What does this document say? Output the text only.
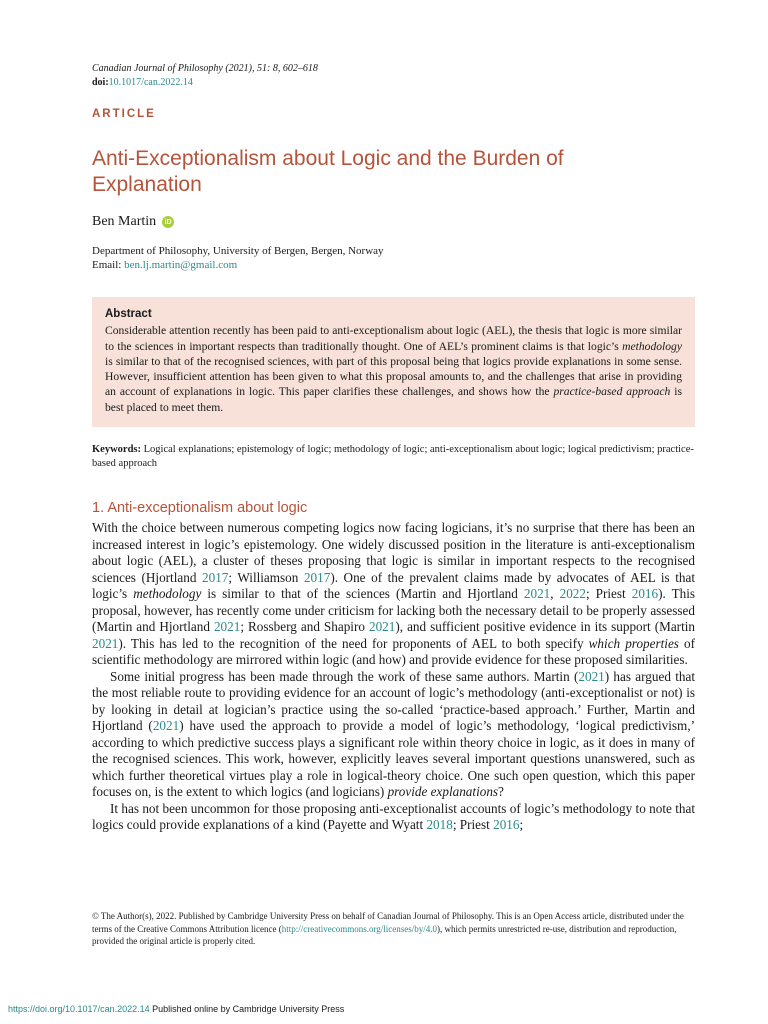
Canadian Journal of Philosophy (2021), 51: 8, 602–618
doi:10.1017/can.2022.14
ARTICLE
Anti-Exceptionalism about Logic and the Burden of Explanation
Ben Martin	iD
Department of Philosophy, University of Bergen, Bergen, Norway
Email: ben.lj.martin@gmail.com
Abstract

Considerable attention recently has been paid to anti-exceptionalism about logic (AEL), the thesis that logic is more similar to the sciences in important respects than traditionally thought. One of AEL’s prominent claims is that logic’s methodology is similar to that of the recognised sciences, with part of this proposal being that logics provide explanations in some sense. However, insufficient attention has been given to what this proposal amounts to, and the challenges that arise in providing an account of explanations in logic. This paper clarifies these challenges, and shows how the practice-based approach is best placed to meet them.

Keywords: Logical explanations; epistemology of logic; methodology of logic; anti-exceptionalism about logic; logical predictivism; practice-based approach
1. Anti-exceptionalism about logic

With the choice between numerous competing logics now facing logicians, it’s no surprise that there has been an increased interest in logic’s epistemology. One widely discussed position in the literature is anti-exceptionalism about logic (AEL), a cluster of theses proposing that logic is similar in important respects to the recognised sciences (Hjortland 2017; Williamson 2017). One of the prevalent claims made by advocates of AEL is that logic’s methodology is similar to that of the sciences (Martin and Hjortland 2021, 2022; Priest 2016). This proposal, however, has recently come under criticism for lacking both the necessary detail to be properly assessed (Martin and Hjortland 2021; Rossberg and Shapiro 2021), and sufficient positive evidence in its support (Martin 2021). This has led to the recognition of the need for proponents of AEL to both specify which properties of scientific methodology are mirrored within logic (and how) and provide evidence for these proposed similarities.

Some initial progress has been made through the work of these same authors. Martin (2021) has argued that the most reliable route to providing evidence for an account of logic’s methodology (anti-exceptionalist or not) is by looking in detail at logician’s practice using the so-called ‘practice-based approach.’ Further, Martin and Hjortland (2021) have used the approach to provide a model of logic’s methodology, ‘logical predictivism,’ according to which predictive success plays a significant role within theory choice in logic, as it does in many of the recognised sciences. This work, however, explicitly leaves several important questions unanswered, such as which further theoretical virtues play a role in logical-theory choice. One such open question, which this paper focuses on, is the extent to which logics (and logicians) provide explanations?

It has not been uncommon for those proposing anti-exceptionalist accounts of logic’s methodology to note that logics could provide explanations of a kind (Payette and Wyatt 2018; Priest 2016;

© The Author(s), 2022. Published by Cambridge University Press on behalf of Canadian Journal of Philosophy. This is an Open Access article, distributed under the terms of the Creative Commons Attribution licence (http://creativecommons.org/licenses/by/4.0), which permits unrestricted re-use, distribution and reproduction, provided the original article is properly cited.
https://doi.org/10.1017/can.2022.14 Published online by Cambridge University Press
